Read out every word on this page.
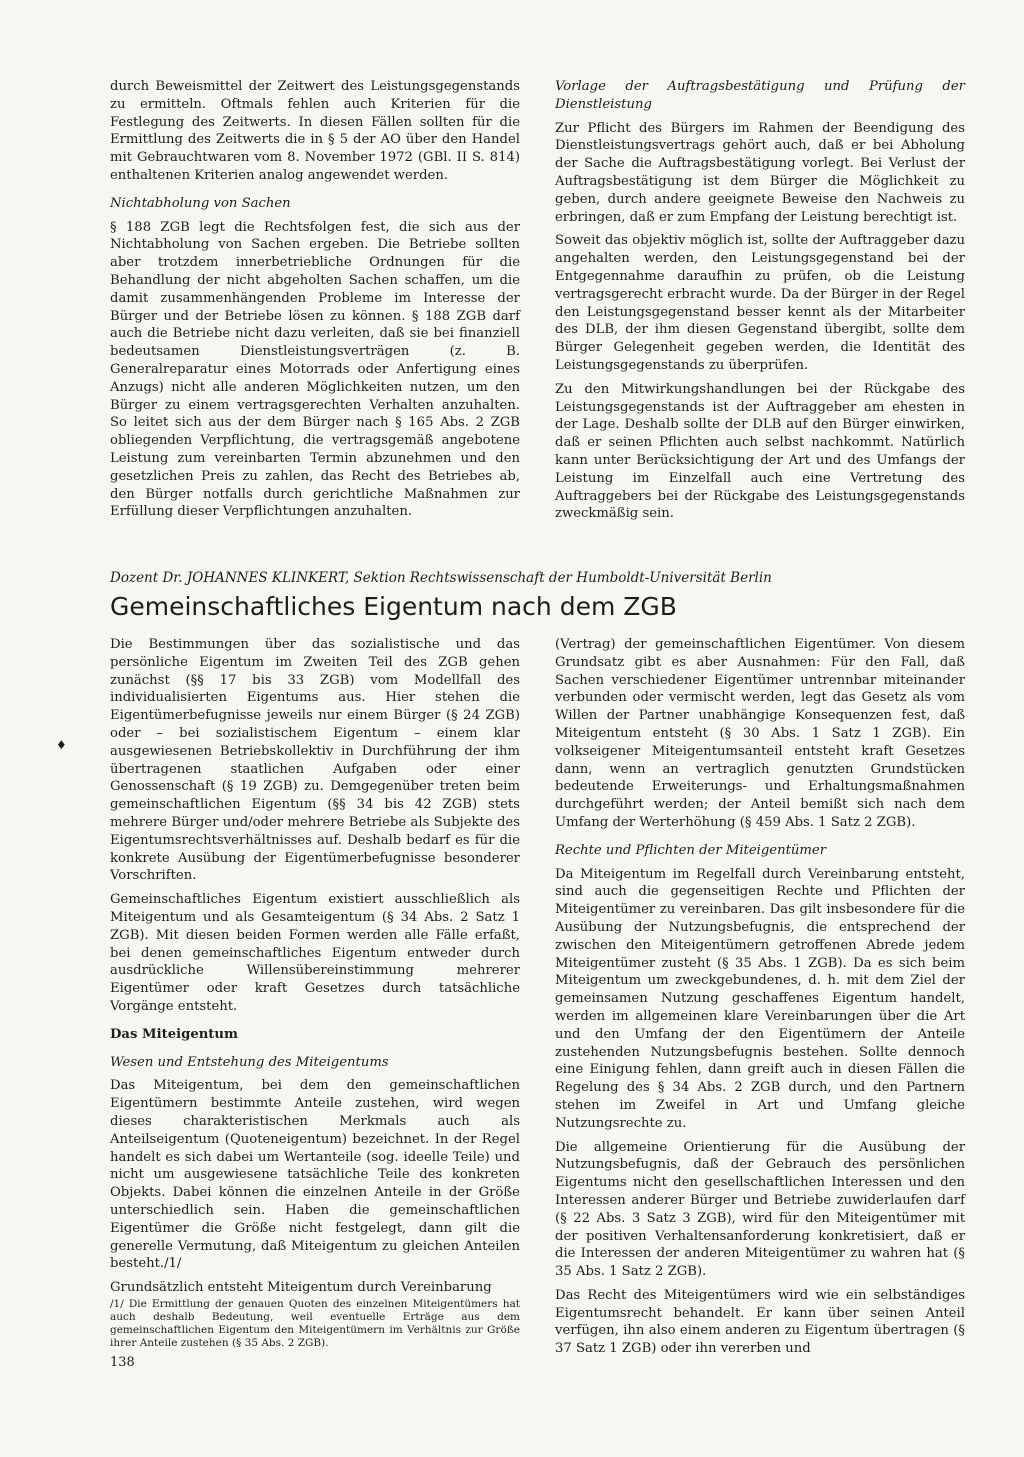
durch Beweismittel der Zeitwert des Leistungsgegenstands zu ermitteln. Oftmals fehlen auch Kriterien für die Festlegung des Zeitwerts. In diesen Fällen sollten für die Ermittlung des Zeitwerts die in § 5 der AO über den Handel mit Gebrauchtwaren vom 8. November 1972 (GBl. II S. 814) enthaltenen Kriterien analog angewendet werden.

Nichtabholung von Sachen

§ 188 ZGB legt die Rechtsfolgen fest, die sich aus der Nichtabholung von Sachen ergeben. Die Betriebe sollten aber trotzdem innerbetriebliche Ordnungen für die Behandlung der nicht abgeholten Sachen schaffen, um die damit zusammenhängenden Probleme im Interesse der Bürger und der Betriebe lösen zu können. § 188 ZGB darf auch die Betriebe nicht dazu verleiten, daß sie bei finanziell bedeutsamen Dienstleistungsverträgen (z. B. Generalreparatur eines Motorrads oder Anfertigung eines Anzugs) nicht alle anderen Möglichkeiten nutzen, um den Bürger zu einem vertragsgerechten Verhalten anzuhalten. So leitet sich aus der dem Bürger nach § 165 Abs. 2 ZGB obliegenden Verpflichtung, die vertragsgemäß angebotene Leistung zum vereinbarten Termin abzunehmen und den gesetzlichen Preis zu zahlen, das Recht des Betriebes ab, den Bürger notfalls durch gerichtliche Maßnahmen zur Erfüllung dieser Verpflichtungen anzuhalten.

Vorlage der Auftragsbestätigung und Prüfung der Dienstleistung

Zur Pflicht des Bürgers im Rahmen der Beendigung des Dienstleistungsvertrags gehört auch, daß er bei Abholung der Sache die Auftragsbestätigung vorlegt. Bei Verlust der Auftragsbestätigung ist dem Bürger die Möglichkeit zu geben, durch andere geeignete Beweise den Nachweis zu erbringen, daß er zum Empfang der Leistung berechtigt ist.

Soweit das objektiv möglich ist, sollte der Auftraggeber dazu angehalten werden, den Leistungsgegenstand bei der Entgegennahme daraufhin zu prüfen, ob die Leistung vertragsgerecht erbracht wurde. Da der Bürger in der Regel den Leistungsgegenstand besser kennt als der Mitarbeiter des DLB, der ihm diesen Gegenstand übergibt, sollte dem Bürger Gelegenheit gegeben werden, die Identität des Leistungsgegenstands zu überprüfen.

Zu den Mitwirkungshandlungen bei der Rückgabe des Leistungsgegenstands ist der Auftraggeber am ehesten in der Lage. Deshalb sollte der DLB auf den Bürger einwirken, daß er seinen Pflichten auch selbst nachkommt. Natürlich kann unter Berücksichtigung der Art und des Umfangs der Leistung im Einzelfall auch eine Vertretung des Auftraggebers bei der Rückgabe des Leistungsgegenstands zweckmäßig sein.

Dozent Dr. JOHANNES KLINKERT, Sektion Rechtswissenschaft der Humboldt-Universität Berlin
Gemeinschaftliches Eigentum nach dem ZGB
♦

Die Bestimmungen über das sozialistische und das persönliche Eigentum im Zweiten Teil des ZGB gehen zunächst (§§ 17 bis 33 ZGB) vom Modellfall des individualisierten Eigentums aus. Hier stehen die Eigentümerbefugnisse jeweils nur einem Bürger (§ 24 ZGB) oder – bei sozialistischem Eigentum – einem klar ausgewiesenen Betriebskollektiv in Durchführung der ihm übertragenen staatlichen Aufgaben oder einer Genossenschaft (§ 19 ZGB) zu. Demgegenüber treten beim gemeinschaftlichen Eigentum (§§ 34 bis 42 ZGB) stets mehrere Bürger und/oder mehrere Betriebe als Subjekte des Eigentumsrechtsverhältnisses auf. Deshalb bedarf es für die konkrete Ausübung der Eigentümerbefugnisse besonderer Vorschriften.

Gemeinschaftliches Eigentum existiert ausschließlich als Miteigentum und als Gesamteigentum (§ 34 Abs. 2 Satz 1 ZGB). Mit diesen beiden Formen werden alle Fälle erfaßt, bei denen gemeinschaftliches Eigentum entweder durch ausdrückliche Willensübereinstimmung mehrerer Eigentümer oder kraft Gesetzes durch tatsächliche Vorgänge entsteht.

Das Miteigentum
Wesen und Entstehung des Miteigentums

Das Miteigentum, bei dem den gemeinschaftlichen Eigentümern bestimmte Anteile zustehen, wird wegen dieses charakteristischen Merkmals auch als Anteilseigentum (Quoteneigentum) bezeichnet. In der Regel handelt es sich dabei um Wertanteile (sog. ideelle Teile) und nicht um ausgewiesene tatsächliche Teile des konkreten Objekts. Dabei können die einzelnen Anteile in der Größe unterschiedlich sein. Haben die gemeinschaftlichen Eigentümer die Größe nicht festgelegt, dann gilt die generelle Vermutung, daß Miteigentum zu gleichen Anteilen besteht./1/

Grundsätzlich entsteht Miteigentum durch Vereinbarung

/1/ Die Ermittlung der genauen Quoten des einzelnen Miteigentümers hat auch deshalb Bedeutung, weil eventuelle Erträge aus dem gemeinschaftlichen Eigentum den Miteigentümern im Verhältnis zur Größe ihrer Anteile zustehen (§ 35 Abs. 2 ZGB).
138

(Vertrag) der gemeinschaftlichen Eigentümer. Von diesem Grundsatz gibt es aber Ausnahmen: Für den Fall, daß Sachen verschiedener Eigentümer untrennbar miteinander verbunden oder vermischt werden, legt das Gesetz als vom Willen der Partner unabhängige Konsequenzen fest, daß Miteigentum entsteht (§ 30 Abs. 1 Satz 1 ZGB). Ein volkseigener Miteigentumsanteil entsteht kraft Gesetzes dann, wenn an vertraglich genutzten Grundstücken bedeutende Erweiterungs- und Erhaltungsmaßnahmen durchgeführt werden; der Anteil bemißt sich nach dem Umfang der Werterhöhung (§ 459 Abs. 1 Satz 2 ZGB).

Rechte und Pflichten der Miteigentümer

Da Miteigentum im Regelfall durch Vereinbarung entsteht, sind auch die gegenseitigen Rechte und Pflichten der Miteigentümer zu vereinbaren. Das gilt insbesondere für die Ausübung der Nutzungsbefugnis, die entsprechend der zwischen den Miteigentümern getroffenen Abrede jedem Miteigentümer zusteht (§ 35 Abs. 1 ZGB). Da es sich beim Miteigentum um zweckgebundenes, d. h. mit dem Ziel der gemeinsamen Nutzung geschaffenes Eigentum handelt, werden im allgemeinen klare Vereinbarungen über die Art und den Umfang der den Eigentümern der Anteile zustehenden Nutzungsbefugnis bestehen. Sollte dennoch eine Einigung fehlen, dann greift auch in diesen Fällen die Regelung des § 34 Abs. 2 ZGB durch, und den Partnern stehen im Zweifel in Art und Umfang gleiche Nutzungsrechte zu.

Die allgemeine Orientierung für die Ausübung der Nutzungsbefugnis, daß der Gebrauch des persönlichen Eigentums nicht den gesellschaftlichen Interessen und den Interessen anderer Bürger und Betriebe zuwiderlaufen darf (§ 22 Abs. 3 Satz 3 ZGB), wird für den Miteigentümer mit der positiven Verhaltensanforderung konkretisiert, daß er die Interessen der anderen Miteigentümer zu wahren hat (§ 35 Abs. 1 Satz 2 ZGB).

Das Recht des Miteigentümers wird wie ein selbständiges Eigentumsrecht behandelt. Er kann über seinen Anteil verfügen, ihn also einem anderen zu Eigentum übertragen (§ 37 Satz 1 ZGB) oder ihn vererben und
